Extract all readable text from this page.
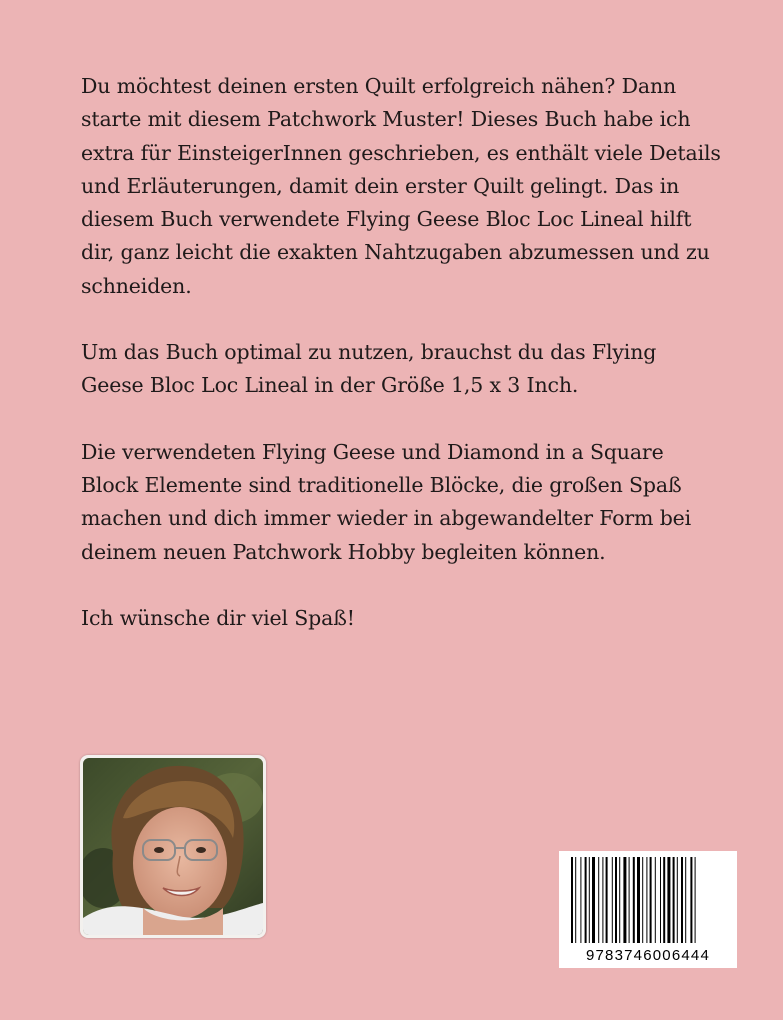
Du möchtest deinen ersten Quilt erfolgreich nähen? Dann starte mit diesem Patchwork Muster! Dieses Buch habe ich extra für EinsteigerInnen geschrieben, es enthält viele Details und Erläuterungen, damit dein erster Quilt gelingt. Das in diesem Buch verwendete Flying Geese Bloc Loc Lineal hilft dir, ganz leicht die exakten Nahtzugaben abzumessen und zu schneiden.

Um das Buch optimal zu nutzen, brauchst du das Flying Geese Bloc Loc Lineal in der Größe 1,5 x 3 Inch.

Die verwendeten Flying Geese und Diamond in a Square Block Elemente sind traditionelle Blöcke, die großen Spaß machen und dich immer wieder in abgewandelter Form bei deinem neuen Patchwork Hobby begleiten können.

Ich wünsche dir viel Spaß!

9783746006444
